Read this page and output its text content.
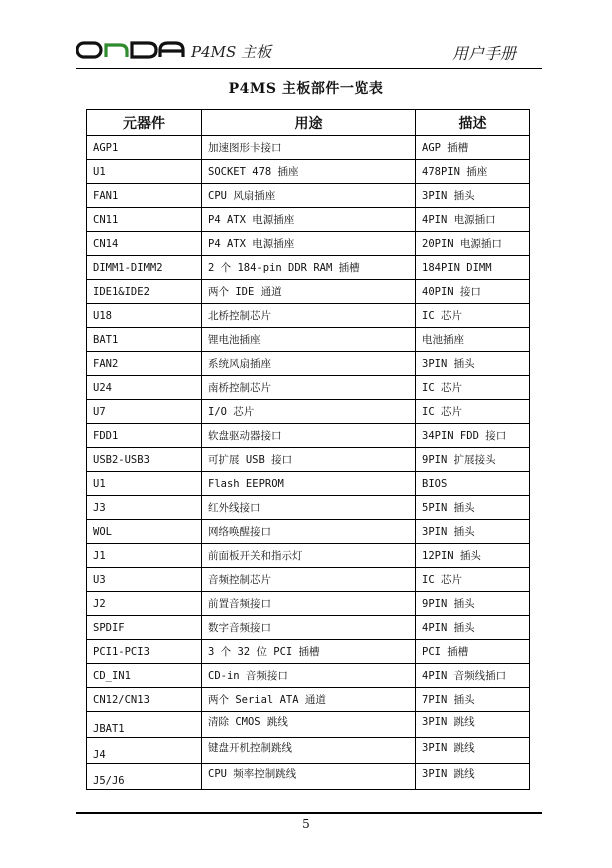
P4MS 主板	用户手册
P4MS 主板部件一览表
元器件	用途	描述
AGP1	加速图形卡接口	AGP 插槽
U1	SOCKET 478 插座	478PIN 插座
FAN1	CPU 风扇插座	3PIN 插头
CN11	P4 ATX 电源插座	4PIN 电源插口
CN14	P4 ATX 电源插座	20PIN 电源插口
DIMM1-DIMM2	2 个 184-pin DDR RAM 插槽	184PIN DIMM
IDE1&IDE2	两个 IDE 通道	40PIN 接口
U18	北桥控制芯片	IC 芯片
BAT1	锂电池插座	电池插座
FAN2	系统风扇插座	3PIN 插头
U24	南桥控制芯片	IC 芯片
U7	I/O 芯片	IC 芯片
FDD1	软盘驱动器接口	34PIN FDD 接口
USB2-USB3	可扩展 USB 接口	9PIN 扩展接头
U1	Flash EEPROM	BIOS
J3	红外线接口	5PIN 插头
WOL	网络唤醒接口	3PIN 插头
J1	前面板开关和指示灯	12PIN 插头
U3	音频控制芯片	IC 芯片
J2	前置音频接口	9PIN 插头
SPDIF	数字音频接口	4PIN 插头
PCI1-PCI3	3 个 32 位 PCI 插槽	PCI 插槽
CD_IN1	CD-in 音频接口	4PIN 音频线插口
CN12/CN13	两个 Serial ATA 通道	7PIN 插头
JBAT1	清除 CMOS 跳线	3PIN 跳线
J4	键盘开机控制跳线	3PIN 跳线
J5/J6	CPU 频率控制跳线	3PIN 跳线
5
